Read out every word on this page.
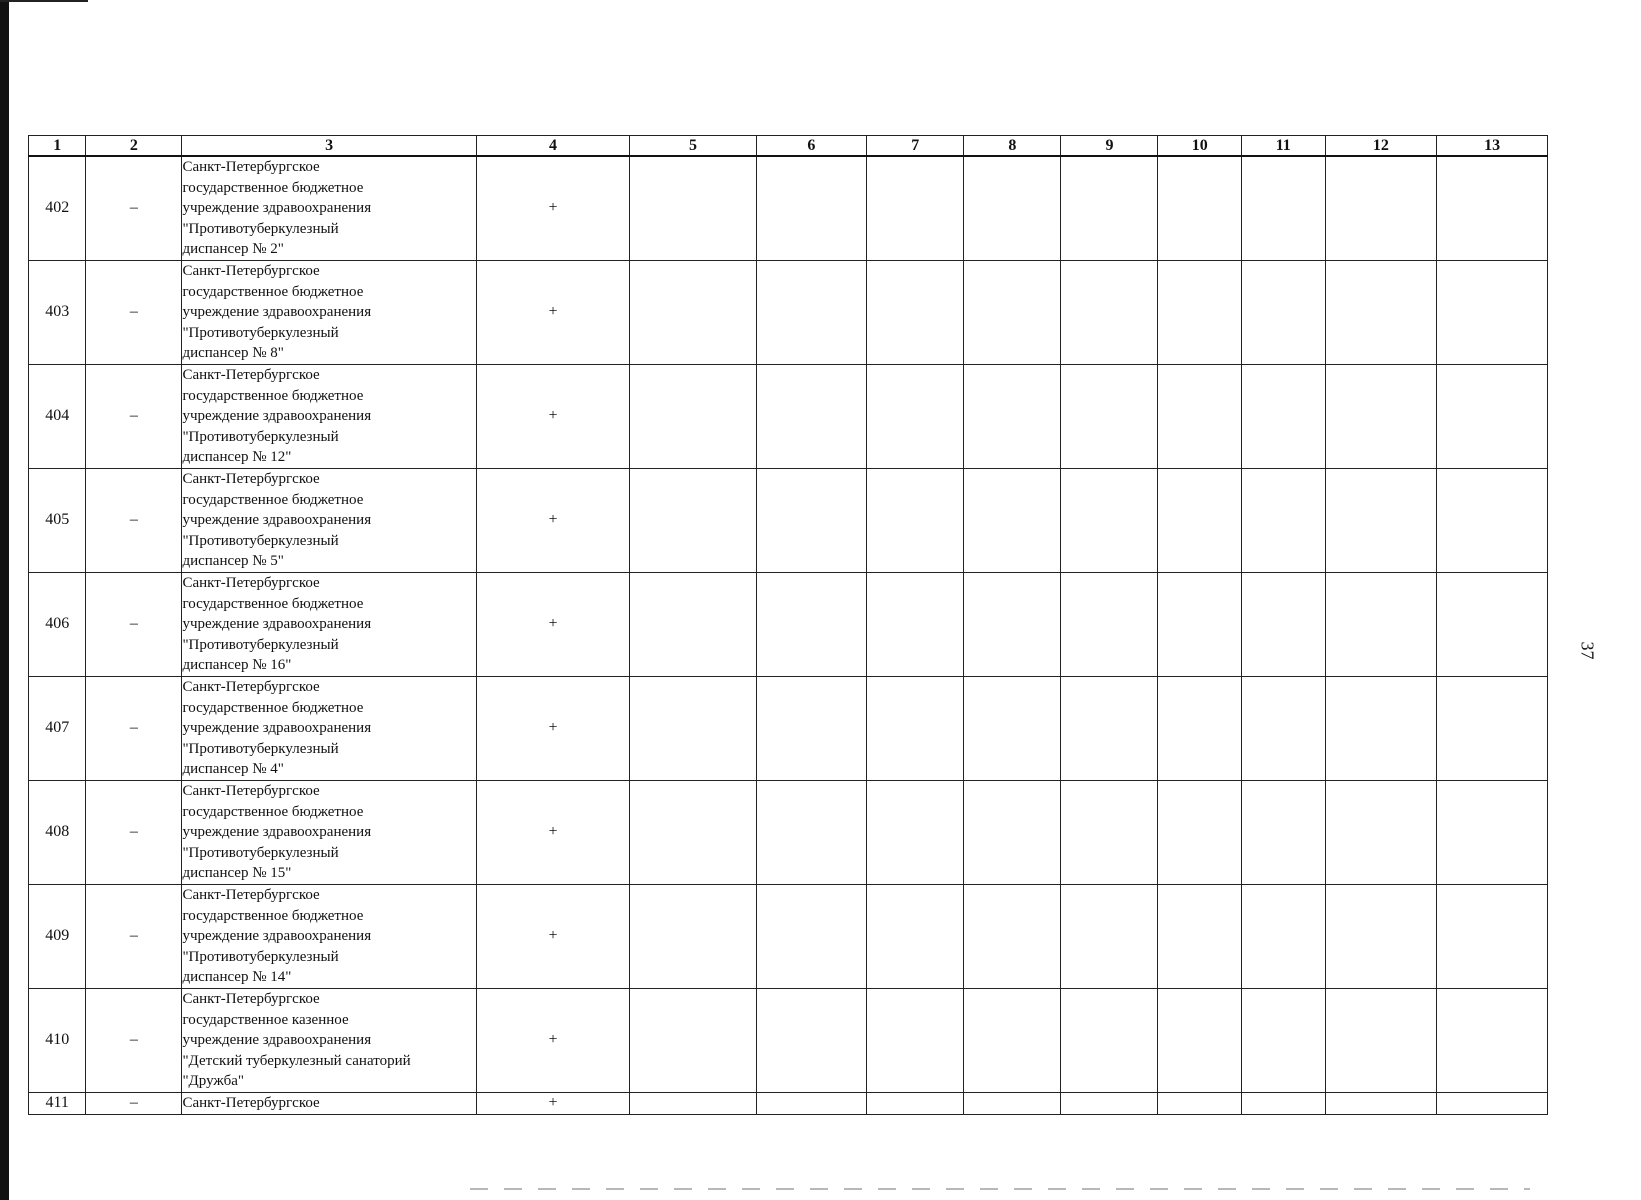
37
1	2	3	4	5	6	7	8	9	10	11	12	13
402	–	Санкт-Петербургское
государственное бюджетное
учреждение здравоохранения
"Противотуберкулезный
диспансер № 2"	+									
403	–	Санкт-Петербургское
государственное бюджетное
учреждение здравоохранения
"Противотуберкулезный
диспансер № 8"	+									
404	–	Санкт-Петербургское
государственное бюджетное
учреждение здравоохранения
"Противотуберкулезный
диспансер № 12"	+									
405	–	Санкт-Петербургское
государственное бюджетное
учреждение здравоохранения
"Противотуберкулезный
диспансер № 5"	+									
406	–	Санкт-Петербургское
государственное бюджетное
учреждение здравоохранения
"Противотуберкулезный
диспансер № 16"	+									
407	–	Санкт-Петербургское
государственное бюджетное
учреждение здравоохранения
"Противотуберкулезный
диспансер № 4"	+									
408	–	Санкт-Петербургское
государственное бюджетное
учреждение здравоохранения
"Противотуберкулезный
диспансер № 15"	+									
409	–	Санкт-Петербургское
государственное бюджетное
учреждение здравоохранения
"Противотуберкулезный
диспансер № 14"	+									
410	–	Санкт-Петербургское
государственное казенное
учреждение здравоохранения
"Детский туберкулезный санаторий
"Дружба"	+									
411	–	Санкт-Петербургское	+									
